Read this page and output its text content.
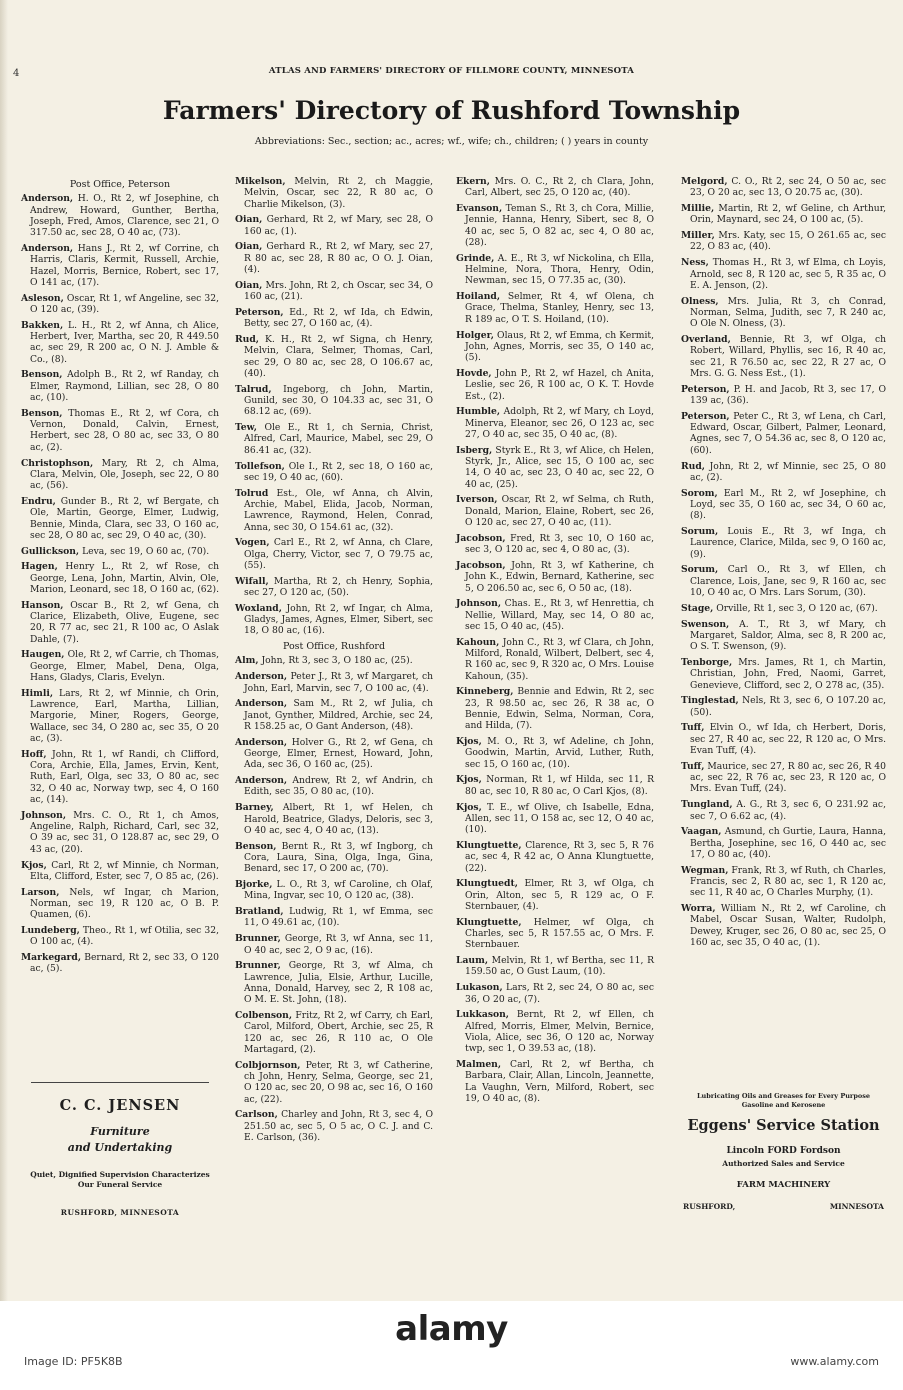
4	ATLAS AND FARMERS' DIRECTORY OF FILLMORE COUNTY, MINNESOTA
Farmers' Directory of Rushford Township
Abbreviations: Sec., section; ac., acres; wf., wife; ch., children; ( ) years in county
Post Office, Peterson

Anderson, H. O., Rt 2, wf Josephine, ch Andrew, Howard, Gunther, Bertha, Joseph, Fred, Amos, Clarence, sec 21, O 317.50 ac, sec 28, O 40 ac, (73).

Anderson, Hans J., Rt 2, wf Corrine, ch Harris, Claris, Kermit, Russell, Archie, Hazel, Morris, Bernice, Robert, sec 17, O 141 ac, (17).

Asleson, Oscar, Rt 1, wf Angeline, sec 32, O 120 ac, (39).

Bakken, L. H., Rt 2, wf Anna, ch Alice, Herbert, Iver, Martha, sec 20, R 449.50 ac, sec 29, R 200 ac, O N. J. Amble & Co., (8).

Benson, Adolph B., Rt 2, wf Randay, ch Elmer, Raymond, Lillian, sec 28, O 80 ac, (10).

Benson, Thomas E., Rt 2, wf Cora, ch Vernon, Donald, Calvin, Ernest, Herbert, sec 28, O 80 ac, sec 33, O 80 ac, (2).

Christophson, Mary, Rt 2, ch Alma, Clara, Melvin, Ole, Joseph, sec 22, O 80 ac, (56).

Endru, Gunder B., Rt 2, wf Bergate, ch Ole, Martin, George, Elmer, Ludwig, Bennie, Minda, Clara, sec 33, O 160 ac, sec 28, O 80 ac, sec 29, O 40 ac, (30).

Gullickson, Leva, sec 19, O 60 ac, (70).

Hagen, Henry L., Rt 2, wf Rose, ch George, Lena, John, Martin, Alvin, Ole, Marion, Leonard, sec 18, O 160 ac, (62).

Hanson, Oscar B., Rt 2, wf Gena, ch Clarice, Elizabeth, Olive, Eugene, sec 20, R 77 ac, sec 21, R 100 ac, O Aslak Dahle, (7).

Haugen, Ole, Rt 2, wf Carrie, ch Thomas, George, Elmer, Mabel, Dena, Olga, Hans, Gladys, Claris, Evelyn.

Himli, Lars, Rt 2, wf Minnie, ch Orin, Lawrence, Earl, Martha, Lillian, Margorie, Miner, Rogers, George, Wallace, sec 34, O 280 ac, sec 35, O 20 ac, (3).

Hoff, John, Rt 1, wf Randi, ch Clifford, Cora, Archie, Ella, James, Ervin, Kent, Ruth, Earl, Olga, sec 33, O 80 ac, sec 32, O 40 ac, Norway twp, sec 4, O 160 ac, (14).

Johnson, Mrs. C. O., Rt 1, ch Amos, Angeline, Ralph, Richard, Carl, sec 32, O 39 ac, sec 31, O 128.87 ac, sec 29, O 43 ac, (20).

Kjos, Carl, Rt 2, wf Minnie, ch Norman, Elta, Clifford, Ester, sec 7, O 85 ac, (26).

Larson, Nels, wf Ingar, ch Marion, Norman, sec 19, R 120 ac, O B. P. Quamen, (6).

Lundeberg, Theo., Rt 1, wf Otilia, sec 32, O 100 ac, (4).

Markegard, Bernard, Rt 2, sec 33, O 120 ac, (5).

Mikelson, Melvin, Rt 2, ch Maggie, Melvin, Oscar, sec 22, R 80 ac, O Charlie Mikelson, (3).

Oian, Gerhard, Rt 2, wf Mary, sec 28, O 160 ac, (1).

Oian, Gerhard R., Rt 2, wf Mary, sec 27, R 80 ac, sec 28, R 80 ac, O O. J. Oian, (4).

Oian, Mrs. John, Rt 2, ch Oscar, sec 34, O 160 ac, (21).

Peterson, Ed., Rt 2, wf Ida, ch Edwin, Betty, sec 27, O 160 ac, (4).

Rud, K. H., Rt 2, wf Signa, ch Henry, Melvin, Clara, Selmer, Thomas, Carl, sec 29, O 80 ac, sec 28, O 106.67 ac, (40).

Talrud, Ingeborg, ch John, Martin, Gunild, sec 30, O 104.33 ac, sec 31, O 68.12 ac, (69).

Tew, Ole E., Rt 1, ch Sernia, Christ, Alfred, Carl, Maurice, Mabel, sec 29, O 86.41 ac, (32).

Tollefson, Ole I., Rt 2, sec 18, O 160 ac, sec 19, O 40 ac, (60).

Tolrud Est., Ole, wf Anna, ch Alvin, Archie, Mabel, Elida, Jacob, Norman, Lawrence, Raymond, Helen, Conrad, Anna, sec 30, O 154.61 ac, (32).

Vogen, Carl E., Rt 2, wf Anna, ch Clare, Olga, Cherry, Victor, sec 7, O 79.75 ac, (55).

Wifall, Martha, Rt 2, ch Henry, Sophia, sec 27, O 120 ac, (50).

Woxland, John, Rt 2, wf Ingar, ch Alma, Gladys, James, Agnes, Elmer, Sibert, sec 18, O 80 ac, (16).

Post Office, Rushford

Alm, John, Rt 3, sec 3, O 180 ac, (25).

Anderson, Peter J., Rt 3, wf Margaret, ch John, Earl, Marvin, sec 7, O 100 ac, (4).

Anderson, Sam M., Rt 2, wf Julia, ch Janot, Gynther, Mildred, Archie, sec 24, R 158.25 ac, O Gant Anderson, (48).

Anderson, Holver G., Rt 2, wf Gena, ch George, Elmer, Ernest, Howard, John, Ada, sec 36, O 160 ac, (25).

Anderson, Andrew, Rt 2, wf Andrin, ch Edith, sec 35, O 80 ac, (10).

Barney, Albert, Rt 1, wf Helen, ch Harold, Beatrice, Gladys, Deloris, sec 3, O 40 ac, sec 4, O 40 ac, (13).

Benson, Bernt R., Rt 3, wf Ingborg, ch Cora, Laura, Sina, Olga, Inga, Gina, Benard, sec 17, O 200 ac, (70).

Bjorke, L. O., Rt 3, wf Caroline, ch Olaf, Mina, Ingvar, sec 10, O 120 ac, (38).

Bratland, Ludwig, Rt 1, wf Emma, sec 11, O 49.61 ac, (10).

Brunner, George, Rt 3, wf Anna, sec 11, O 40 ac, sec 2, O 9 ac, (16).

Brunner, George, Rt 3, wf Alma, ch Lawrence, Julia, Elsie, Arthur, Lucille, Anna, Donald, Harvey, sec 2, R 108 ac, O M. E. St. John, (18).

Colbenson, Fritz, Rt 2, wf Carry, ch Earl, Carol, Milford, Obert, Archie, sec 25, R 120 ac, sec 26, R 110 ac, O Ole Martagard, (2).

Colbjornson, Peter, Rt 3, wf Catherine, ch John, Henry, Selma, George, sec 21, O 120 ac, sec 20, O 98 ac, sec 16, O 160 ac, (22).

Carlson, Charley and John, Rt 3, sec 4, O 251.50 ac, sec 5, O 5 ac, O C. J. and C. E. Carlson, (36).

Ekern, Mrs. O. C., Rt 2, ch Clara, John, Carl, Albert, sec 25, O 120 ac, (40).

Evanson, Teman S., Rt 3, ch Cora, Millie, Jennie, Hanna, Henry, Sibert, sec 8, O 40 ac, sec 5, O 82 ac, sec 4, O 80 ac, (28).

Grinde, A. E., Rt 3, wf Nickolina, ch Ella, Helmine, Nora, Thora, Henry, Odin, Newman, sec 15, O 77.35 ac, (30).

Hoiland, Selmer, Rt 4, wf Olena, ch Grace, Thelma, Stanley, Henry, sec 13, R 189 ac, O T. S. Hoiland, (10).

Holger, Olaus, Rt 2, wf Emma, ch Kermit, John, Agnes, Morris, sec 35, O 140 ac, (5).

Hovde, John P., Rt 2, wf Hazel, ch Anita, Leslie, sec 26, R 100 ac, O K. T. Hovde Est., (2).

Humble, Adolph, Rt 2, wf Mary, ch Loyd, Minerva, Eleanor, sec 26, O 123 ac, sec 27, O 40 ac, sec 35, O 40 ac, (8).

Isberg, Styrk E., Rt 3, wf Alice, ch Helen, Styrk, Jr., Alice, sec 15, O 100 ac, sec 14, O 40 ac, sec 23, O 40 ac, sec 22, O 40 ac, (25).

Iverson, Oscar, Rt 2, wf Selma, ch Ruth, Donald, Marion, Elaine, Robert, sec 26, O 120 ac, sec 27, O 40 ac, (11).

Jacobson, Fred, Rt 3, sec 10, O 160 ac, sec 3, O 120 ac, sec 4, O 80 ac, (3).

Jacobson, John, Rt 3, wf Katherine, ch John K., Edwin, Bernard, Katherine, sec 5, O 206.50 ac, sec 6, O 50 ac, (18).

Johnson, Chas. E., Rt 3, wf Henrettia, ch Nellie, Willard, May, sec 14, O 80 ac, sec 15, O 40 ac, (45).

Kahoun, John C., Rt 3, wf Clara, ch John, Milford, Ronald, Wilbert, Delbert, sec 4, R 160 ac, sec 9, R 320 ac, O Mrs. Louise Kahoun, (35).

Kinneberg, Bennie and Edwin, Rt 2, sec 23, R 98.50 ac, sec 26, R 38 ac, O Bennie, Edwin, Selma, Norman, Cora, and Hilda, (7).

Kjos, M. O., Rt 3, wf Adeline, ch John, Goodwin, Martin, Arvid, Luther, Ruth, sec 15, O 160 ac, (10).

Kjos, Norman, Rt 1, wf Hilda, sec 11, R 80 ac, sec 10, R 80 ac, O Carl Kjos, (8).

Kjos, T. E., wf Olive, ch Isabelle, Edna, Allen, sec 11, O 158 ac, sec 12, O 40 ac, (10).

Klungtuette, Clarence, Rt 3, sec 5, R 76 ac, sec 4, R 42 ac, O Anna Klungtuette, (22).

Klungtuedt, Elmer, Rt 3, wf Olga, ch Orin, Alton, sec 5, R 129 ac, O F. Sternbauer, (4).

Klungtuette, Helmer, wf Olga, ch Charles, sec 5, R 157.55 ac, O Mrs. F. Sternbauer.

Laum, Melvin, Rt 1, wf Bertha, sec 11, R 159.50 ac, O Gust Laum, (10).

Lukason, Lars, Rt 2, sec 24, O 80 ac, sec 36, O 20 ac, (7).

Lukkason, Bernt, Rt 2, wf Ellen, ch Alfred, Morris, Elmer, Melvin, Bernice, Viola, Alice, sec 36, O 120 ac, Norway twp, sec 1, O 39.53 ac, (18).

Malmen, Carl, Rt 2, wf Bertha, ch Barbara, Clair, Allan, Lincoln, Jeannette, La Vaughn, Vern, Milford, Robert, sec 19, O 40 ac, (8).

Melgord, C. O., Rt 2, sec 24, O 50 ac, sec 23, O 20 ac, sec 13, O 20.75 ac, (30).

Millie, Martin, Rt 2, wf Geline, ch Arthur, Orin, Maynard, sec 24, O 100 ac, (5).

Miller, Mrs. Katy, sec 15, O 261.65 ac, sec 22, O 83 ac, (40).

Ness, Thomas H., Rt 3, wf Elma, ch Loyis, Arnold, sec 8, R 120 ac, sec 5, R 35 ac, O E. A. Jenson, (2).

Olness, Mrs. Julia, Rt 3, ch Conrad, Norman, Selma, Judith, sec 7, R 240 ac, O Ole N. Olness, (3).

Overland, Bennie, Rt 3, wf Olga, ch Robert, Willard, Phyllis, sec 16, R 40 ac, sec 21, R 76.50 ac, sec 22, R 27 ac, O Mrs. G. G. Ness Est., (1).

Peterson, P. H. and Jacob, Rt 3, sec 17, O 139 ac, (36).

Peterson, Peter C., Rt 3, wf Lena, ch Carl, Edward, Oscar, Gilbert, Palmer, Leonard, Agnes, sec 7, O 54.36 ac, sec 8, O 120 ac, (60).

Rud, John, Rt 2, wf Minnie, sec 25, O 80 ac, (2).

Sorom, Earl M., Rt 2, wf Josephine, ch Loyd, sec 35, O 160 ac, sec 34, O 60 ac, (8).

Sorum, Louis E., Rt 3, wf Inga, ch Laurence, Clarice, Milda, sec 9, O 160 ac, (9).

Sorum, Carl O., Rt 3, wf Ellen, ch Clarence, Lois, Jane, sec 9, R 160 ac, sec 10, O 40 ac, O Mrs. Lars Sorum, (30).

Stage, Orville, Rt 1, sec 3, O 120 ac, (67).

Swenson, A. T., Rt 3, wf Mary, ch Margaret, Saldor, Alma, sec 8, R 200 ac, O S. T. Swenson, (9).

Tenborge, Mrs. James, Rt 1, ch Martin, Christian, John, Fred, Naomi, Garret, Genevieve, Clifford, sec 2, O 278 ac, (35).

Tinglestad, Nels, Rt 3, sec 6, O 107.20 ac, (50).

Tuff, Elvin O., wf Ida, ch Herbert, Doris, sec 27, R 40 ac, sec 22, R 120 ac, O Mrs. Evan Tuff, (4).

Tuff, Maurice, sec 27, R 80 ac, sec 26, R 40 ac, sec 22, R 76 ac, sec 23, R 120 ac, O Mrs. Evan Tuff, (24).

Tungland, A. G., Rt 3, sec 6, O 231.92 ac, sec 7, O 6.62 ac, (4).

Vaagan, Asmund, ch Gurtie, Laura, Hanna, Bertha, Josephine, sec 16, O 440 ac, sec 17, O 80 ac, (40).

Wegman, Frank, Rt 3, wf Ruth, ch Charles, Francis, sec 2, R 80 ac, sec 1, R 120 ac, sec 11, R 40 ac, O Charles Murphy, (1).

Worra, William N., Rt 2, wf Caroline, ch Mabel, Oscar Susan, Walter, Rudolph, Dewey, Kruger, sec 26, O 80 ac, sec 25, O 160 ac, sec 35, O 40 ac, (1).

C. C. JENSEN
Furniture
and Undertaking
Quiet, Dignified Supervision Characterizes
Our Funeral Service
RUSHFORD, MINNESOTA
Lubricating Oils and Greases for Every Purpose
Gasoline and Kerosene
Eggens' Service Station
Lincoln FORD Fordson
Authorized Sales and Service
FARM MACHINERY
RUSHFORD,	MINNESOTA
alamy
Image ID: PF5K8B	www.alamy.com
